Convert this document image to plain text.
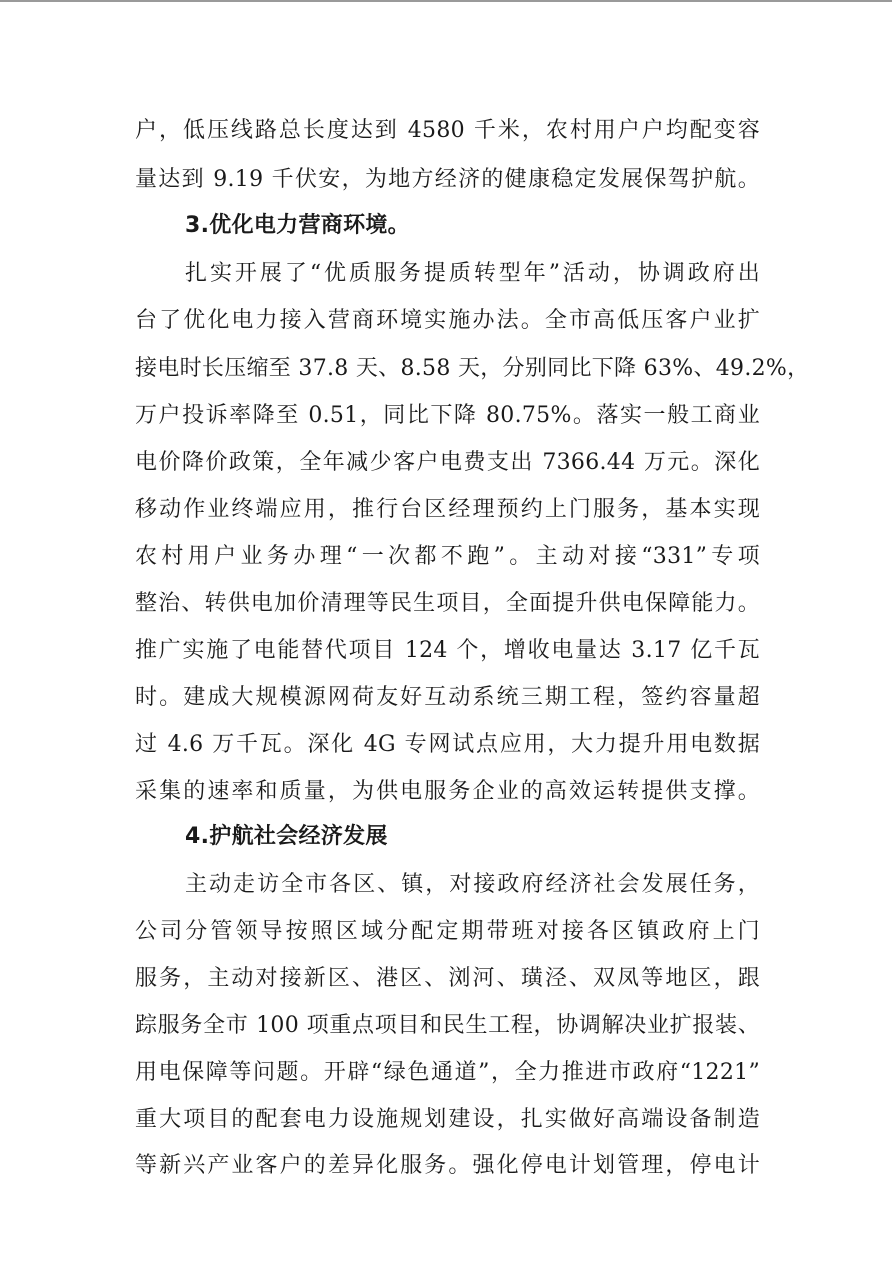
户，低压线路总长度达到 4580 千米，农村用户户均配变容
量达到 9.19 千伏安，为地方经济的健康稳定发展保驾护航。
3.优化电力营商环境。
扎实开展了“优质服务提质转型年”活动，协调政府出
台了优化电力接入营商环境实施办法。全市高低压客户业扩
接电时长压缩至 37.8 天、8.58 天，分别同比下降 63%、49.2%，
万户投诉率降至 0.51，同比下降 80.75%。落实一般工商业
电价降价政策，全年减少客户电费支出 7366.44 万元。深化
移动作业终端应用，推行台区经理预约上门服务，基本实现
农村用户业务办理“一次都不跑”。主动对接“331”专项
整治、转供电加价清理等民生项目，全面提升供电保障能力。
推广实施了电能替代项目 124 个，增收电量达 3.17 亿千瓦
时。建成大规模源网荷友好互动系统三期工程，签约容量超
过 4.6 万千瓦。深化 4G 专网试点应用，大力提升用电数据
采集的速率和质量，为供电服务企业的高效运转提供支撑。
4.护航社会经济发展
主动走访全市各区、镇，对接政府经济社会发展任务，
公司分管领导按照区域分配定期带班对接各区镇政府上门
服务，主动对接新区、港区、浏河、璜泾、双凤等地区，跟
踪服务全市 100 项重点项目和民生工程，协调解决业扩报装、
用电保障等问题。开辟“绿色通道”，全力推进市政府“1221”
重大项目的配套电力设施规划建设，扎实做好高端设备制造
等新兴产业客户的差异化服务。强化停电计划管理，停电计
